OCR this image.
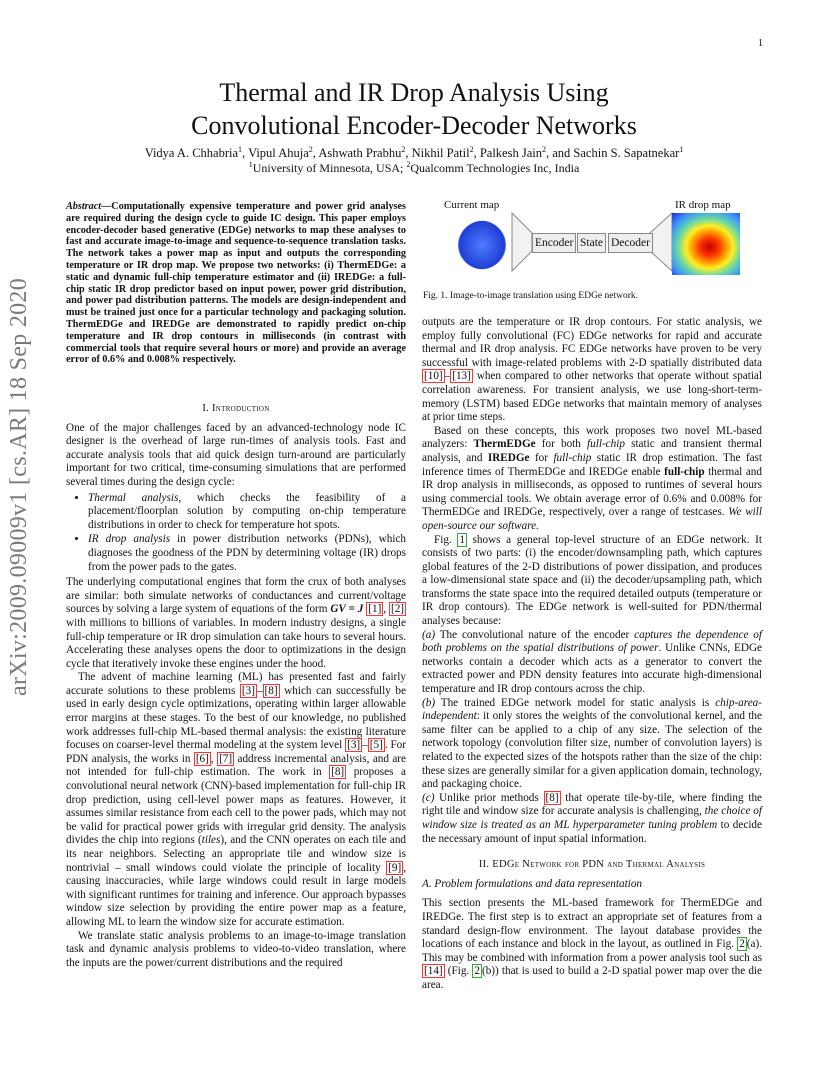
1
Thermal and IR Drop Analysis Using
Convolutional Encoder-Decoder Networks
Vidya A. Chhabria$^1$, Vipul Ahuja$^2$, Ashwath Prabhu$^2$, Nikhil Patil$^2$, Palkesh Jain$^2$, and Sachin S. Sapatnekar$^1$
$^1$University of Minnesota, USA; $^2$Qualcomm Technologies Inc, India
arXiv:2009.09009v1 [cs.AR] 18 Sep 2020
Abstract—Computationally expensive temperature and power grid analyses are required during the design cycle to guide IC design. This paper employs encoder-decoder based generative (EDGe) networks to map these analyses to fast and accurate image-to-image and sequence-to-sequence translation tasks. The network takes a power map as input and outputs the corresponding temperature or IR drop map. We propose two networks: (i) ThermEDGe: a static and dynamic full-chip temperature estimator and (ii) IREDGe: a full-chip static IR drop predictor based on input power, power grid distribution, and power pad distribution patterns. The models are design-independent and must be trained just once for a particular technology and packaging solution. ThermEDGe and IREDGe are demonstrated to rapidly predict on-chip temperature and IR drop contours in milliseconds (in contrast with commercial tools that require several hours or more) and provide an average error of 0.6% and 0.008% respectively.
I. Introduction

One of the major challenges faced by an advanced-technology node IC designer is the overhead of large run-times of analysis tools. Fast and accurate analysis tools that aid quick design turn-around are particularly important for two critical, time-consuming simulations that are performed several times during the design cycle:

• Thermal analysis, which checks the feasibility of a placement/floorplan solution by computing on-chip temperature distributions in order to check for temperature hot spots.
• IR drop analysis in power distribution networks (PDNs), which diagnoses the goodness of the PDN by determining voltage (IR) drops from the power pads to the gates.

The underlying computational engines that form the crux of both analyses are similar: both simulate networks of conductances and current/voltage sources by solving a large system of equations of the form GV = J [1] , [2] with millions to billions of variables. In modern industry designs, a single full-chip temperature or IR drop simulation can take hours to several hours. Accelerating these analyses opens the door to optimizations in the design cycle that iteratively invoke these engines under the hood.

The advent of machine learning (ML) has presented fast and fairly accurate solutions to these problems [3] – [8] which can successfully be used in early design cycle optimizations, operating within larger allowable error margins at these stages. To the best of our knowledge, no published work addresses full-chip ML-based thermal analysis: the existing literature focuses on coarser-level thermal modeling at the system level [3] – [5] . For PDN analysis, the works in [6] , [7] address incremental analysis, and are not intended for full-chip estimation. The work in [8] proposes a convolutional neural network (CNN)-based implementation for full-chip IR drop prediction, using cell-level power maps as features. However, it assumes similar resistance from each cell to the power pads, which may not be valid for practical power grids with irregular grid density. The analysis divides the chip into regions (tiles), and the CNN operates on each tile and its near neighbors. Selecting an appropriate tile and window size is nontrivial – small windows could violate the principle of locality [9] , causing inaccuracies, while large windows could result in large models with significant runtimes for training and inference. Our approach bypasses window size selection by providing the entire power map as a feature, allowing ML to learn the window size for accurate estimation.

We translate static analysis problems to an image-to-image translation task and dynamic analysis problems to video-to-video translation, where the inputs are the power/current distributions and the required

Current map	IR drop map
Encoder State Decoder
Fig. 1. Image-to-image translation using EDGe network.

outputs are the temperature or IR drop contours. For static analysis, we employ fully convolutional (FC) EDGe networks for rapid and accurate thermal and IR drop analysis. FC EDGe networks have proven to be very successful with image-related problems with 2-D spatially distributed data [10] – [13] when compared to other networks that operate without spatial correlation awareness. For transient analysis, we use long-short-term-memory (LSTM) based EDGe networks that maintain memory of analyses at prior time steps.

Based on these concepts, this work proposes two novel ML-based analyzers: ThermEDGe for both full-chip static and transient thermal analysis, and IREDGe for full-chip static IR drop estimation. The fast inference times of ThermEDGe and IREDGe enable full-chip thermal and IR drop analysis in milliseconds, as opposed to runtimes of several hours using commercial tools. We obtain average error of 0.6% and 0.008% for ThermEDGe and IREDGe, respectively, over a range of testcases. We will open-source our software.

Fig. 1 shows a general top-level structure of an EDGe network. It consists of two parts: (i) the encoder/downsampling path, which captures global features of the 2-D distributions of power dissipation, and produces a low-dimensional state space and (ii) the decoder/upsampling path, which transforms the state space into the required detailed outputs (temperature or IR drop contours). The EDGe network is well-suited for PDN/thermal analyses because:

(a) The convolutional nature of the encoder captures the dependence of both problems on the spatial distributions of power. Unlike CNNs, EDGe networks contain a decoder which acts as a generator to convert the extracted power and PDN density features into accurate high-dimensional temperature and IR drop contours across the chip.

(b) The trained EDGe network model for static analysis is chip-area-independent: it only stores the weights of the convolutional kernel, and the same filter can be applied to a chip of any size. The selection of the network topology (convolution filter size, number of convolution layers) is related to the expected sizes of the hotspots rather than the size of the chip: these sizes are generally similar for a given application domain, technology, and packaging choice.

(c) Unlike prior methods [8] that operate tile-by-tile, where finding the right tile and window size for accurate analysis is challenging, the choice of window size is treated as an ML hyperparameter tuning problem to decide the necessary amount of input spatial information.

II. EDGe Network for PDN and Thermal Analysis
A. Problem formulations and data representation

This section presents the ML-based framework for ThermEDGe and IREDGe. The first step is to extract an appropriate set of features from a standard design-flow environment. The layout database provides the locations of each instance and block in the layout, as outlined in Fig. 2 (a). This may be combined with information from a power analysis tool such as [14] (Fig. 2 (b)) that is used to build a 2-D spatial power map over the die area.
